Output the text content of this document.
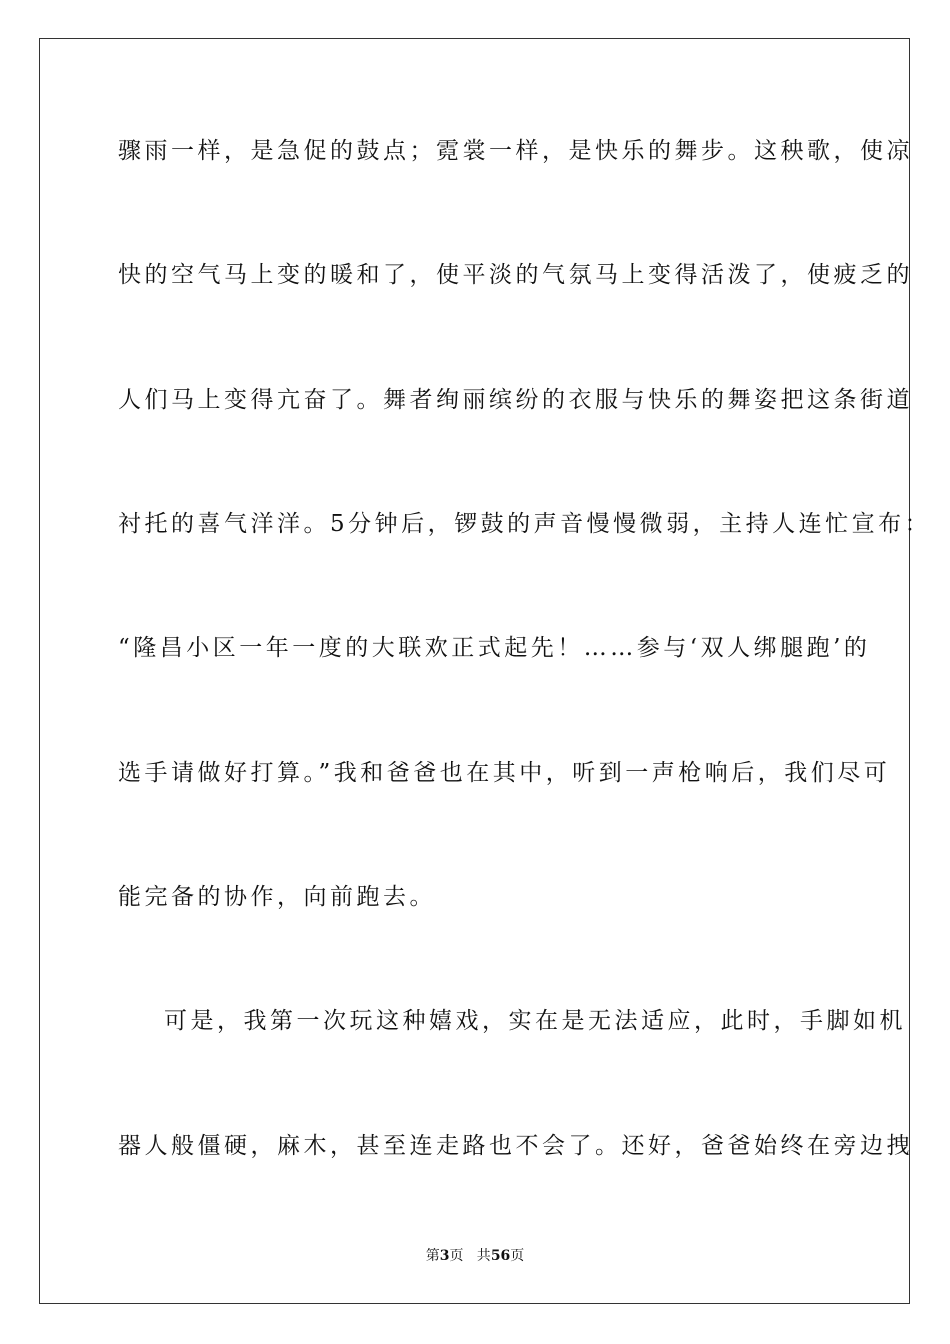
骤雨一样，是急促的鼓点；霓裳一样，是快乐的舞步。这秧歌，使凉
快的空气马上变的暖和了，使平淡的气氛马上变得活泼了，使疲乏的
人们马上变得亢奋了。舞者绚丽缤纷的衣服与快乐的舞姿把这条街道
衬托的喜气洋洋。5分钟后，锣鼓的声音慢慢微弱，主持人连忙宣布：
“隆昌小区一年一度的大联欢正式起先！……参与‘双人绑腿跑’的
选手请做好打算。”我和爸爸也在其中，听到一声枪响后，我们尽可
能完备的协作，向前跑去。
可是，我第一次玩这种嬉戏，实在是无法适应，此时，手脚如机
器人般僵硬，麻木，甚至连走路也不会了。还好，爸爸始终在旁边拽
第3页   共56页
